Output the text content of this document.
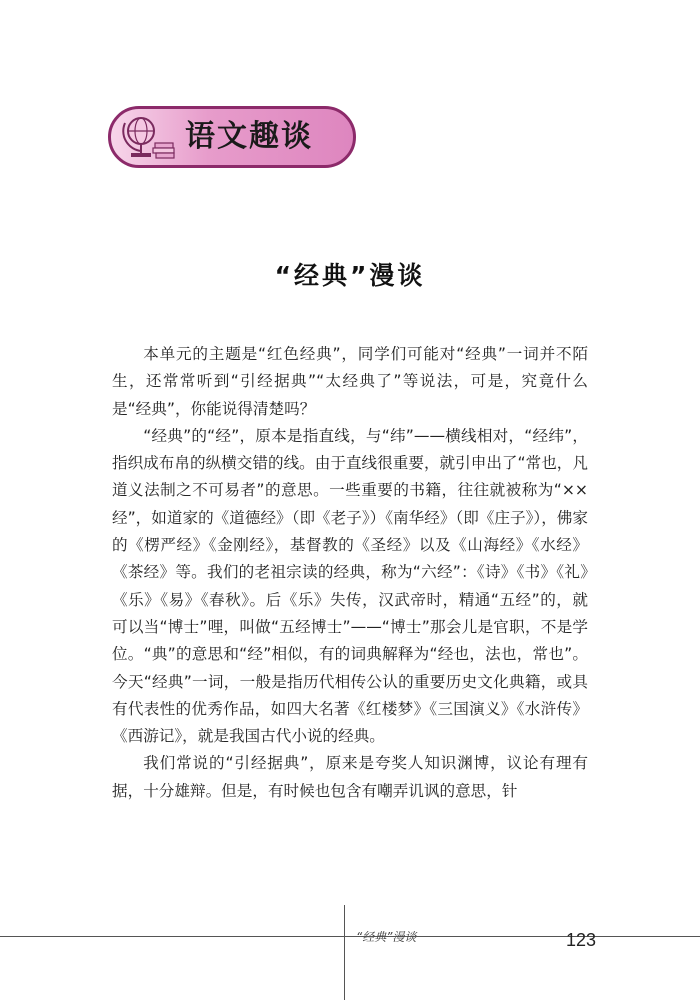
语文趣谈
“经典”漫谈

本单元的主题是“红色经典”，同学们可能对“经典”一词并不陌生，还常常听到“引经据典”“太经典了”等说法，可是，究竟什么是“经典”，你能说得清楚吗？

“经典”的“经”，原本是指直线，与“纬”——横线相对，“经纬”，指织成布帛的纵横交错的线。由于直线很重要，就引申出了“常也，凡道义法制之不可易者”的意思。一些重要的书籍，往往就被称为“××经”，如道家的《道德经》（即《老子》）《南华经》（即《庄子》），佛家的《楞严经》《金刚经》，基督教的《圣经》以及《山海经》《水经》《茶经》等。我们的老祖宗读的经典，称为“六经”：《诗》《书》《礼》《乐》《易》《春秋》。后《乐》失传，汉武帝时，精通“五经”的，就可以当“博士”哩，叫做“五经博士”——“博士”那会儿是官职，不是学位。“典”的意思和“经”相似，有的词典解释为“经也，法也，常也”。今天“经典”一词，一般是指历代相传公认的重要历史文化典籍，或具有代表性的优秀作品，如四大名著《红楼梦》《三国演义》《水浒传》《西游记》，就是我国古代小说的经典。

我们常说的“引经据典”，原来是夸奖人知识渊博，议论有理有据，十分雄辩。但是，有时候也包含有嘲弄讥讽的意思，针

“经典”漫谈	123
